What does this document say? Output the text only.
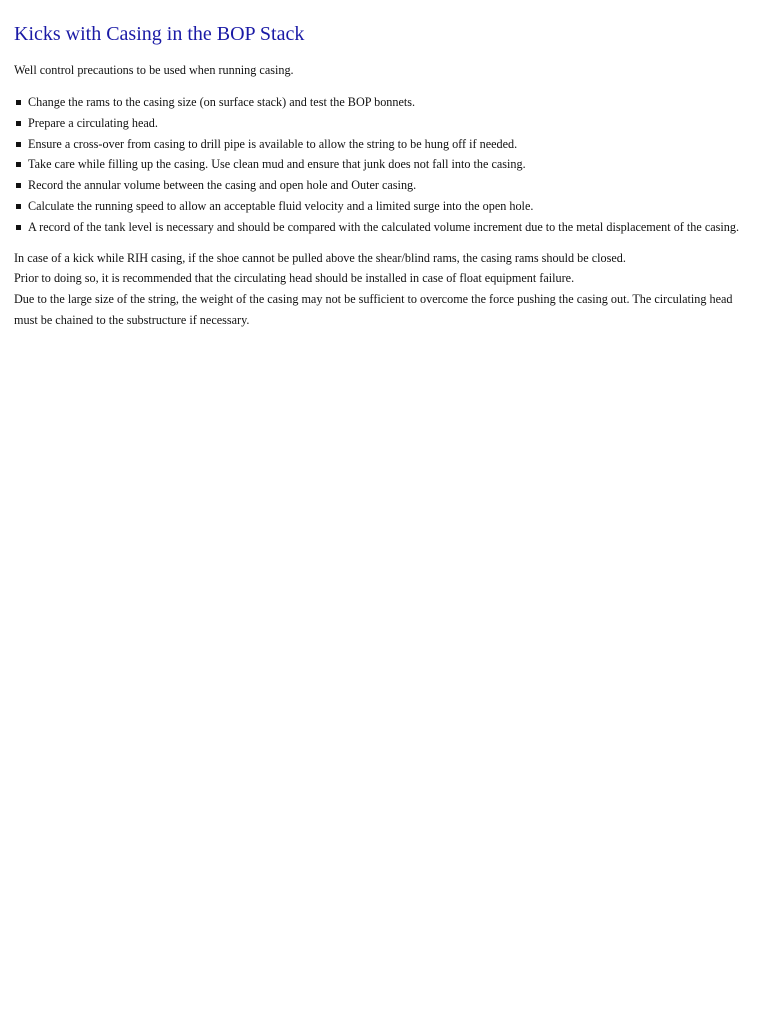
Kicks with Casing in the BOP Stack

Well control precautions to be used when running casing.

Change the rams to the casing size (on surface stack) and test the BOP bonnets.
Prepare a circulating head.
Ensure a cross-over from casing to drill pipe is available to allow the string to be hung off if needed.
Take care while filling up the casing. Use clean mud and ensure that junk does not fall into the casing.
Record the annular volume between the casing and open hole and Outer casing.
Calculate the running speed to allow an acceptable fluid velocity and a limited surge into the open hole.
A record of the tank level is necessary and should be compared with the calculated volume increment due to the metal displacement of the casing.

In case of a kick while RIH casing, if the shoe cannot be pulled above the shear/blind rams, the casing rams should be closed.

Prior to doing so, it is recommended that the circulating head should be installed in case of float equipment failure.

Due to the large size of the string, the weight of the casing may not be sufficient to overcome the force pushing the casing out. The circulating head must be chained to the substructure if necessary.
